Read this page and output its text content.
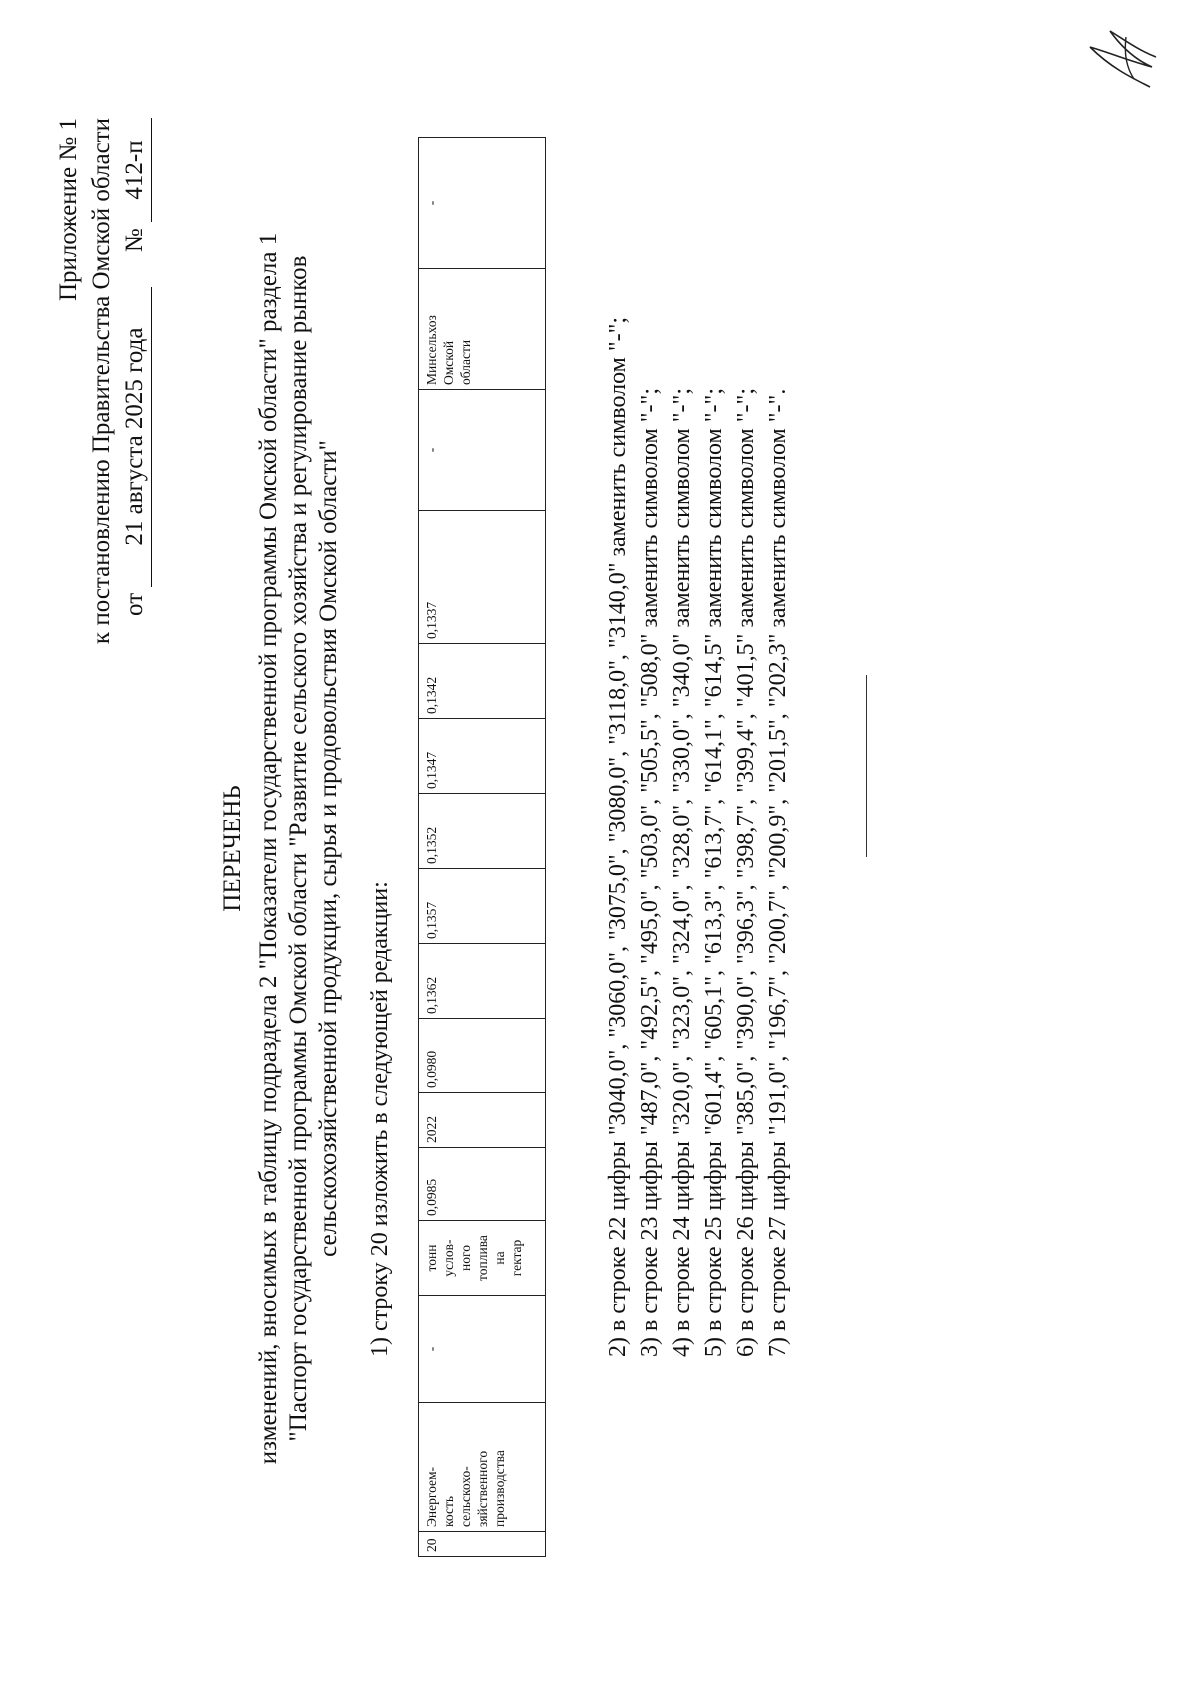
Приложение № 1 к постановлению Правительства Омской области от 21 августа 2025 года  № 412-п
ПЕРЕЧЕНЬ изменений, вносимых в таблицу подраздела 2 "Показатели государственной программы Омской области" раздела 1 "Паспорт государственной программы Омской области "Развитие сельского хозяйства и регулирование рынков сельскохозяйственной продукции, сырья и продовольствия Омской области" 1) строку 20 изложить в следующей редакции:
20	Энергоем-
кость
сельскохо-
зяйственного
производства	-	тонн
услов-
ного
топлива
на
гектар	0,0985	2022	0,0980	0,1362	0,1357	0,1352	0,1347	0,1342	0,1337	-	Минсельхоз
Омской
области	-
2) в строке 22 цифры "3040,0", "3060,0", "3075,0", "3080,0", "3118,0", "3140,0" заменить символом "-"; 3) в строке 23 цифры "487,0", "492,5", "495,0", "503,0", "505,5", "508,0" заменить символом "-"; 4) в строке 24 цифры "320,0", "323,0", "324,0", "328,0", "330,0", "340,0" заменить символом "-"; 5) в строке 25 цифры "601,4", "605,1", "613,3", "613,7", "614,1", "614,5" заменить символом "-"; 6) в строке 26 цифры "385,0", "390,0", "396,3", "398,7", "399,4", "401,5" заменить символом "-"; 7) в строке 27 цифры "191,0", "196,7", "200,7", "200,9", "201,5", "202,3" заменить символом "-".
